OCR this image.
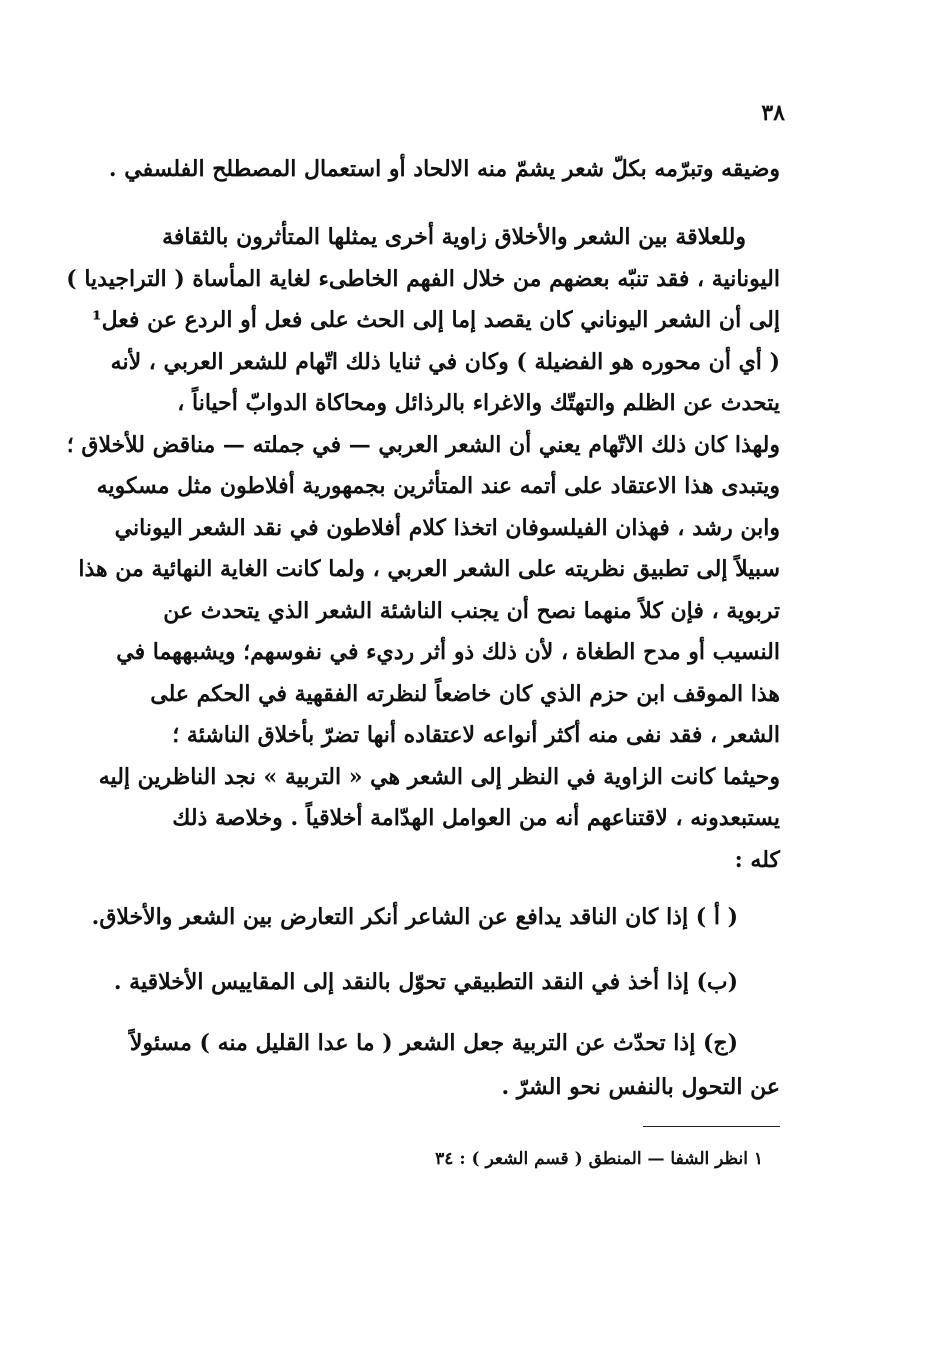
٣٨
وضيقه وتبرّمه بكلّ شعر يشمّ منه الالحاد أو استعمال المصطلح الفلسفي .
وللعلاقة بين الشعر والأخلاق زاوية أخرى يمثلها المتأثرون بالثقافة
اليونانية ، فقد تنبّه بعضهم من خلال الفهم الخاطىء لغاية المأساة ( التراجيديا )
إلى أن الشعر اليوناني كان يقصد إما إلى الحث على فعل أو الردع عن فعل¹
( أي أن محوره هو الفضيلة ) وكان في ثنايا ذلك اتّهام للشعر العربي ، لأنه
يتحدث عن الظلم والتهتّك والاغراء بالرذائل ومحاكاة الدوابّ أحياناً ،
ولهذا كان ذلك الاتّهام يعني أن الشعر العربي — في جملته — مناقض للأخلاق ؛
ويتبدى هذا الاعتقاد على أتمه عند المتأثرين بجمهورية أفلاطون مثل مسكويه
وابن رشد ، فهذان الفيلسوفان اتخذا كلام أفلاطون في نقد الشعر اليوناني
سبيلاً إلى تطبيق نظريته على الشعر العربي ، ولما كانت الغاية النهائية من هذا
تربوية ، فإن كلاً منهما نصح أن يجنب الناشئة الشعر الذي يتحدث عن
النسيب أو مدح الطغاة ، لأن ذلك ذو أثر رديء في نفوسهم؛ ويشبههما في
هذا الموقف ابن حزم الذي كان خاضعاً لنظرته الفقهية في الحكم على
الشعر ، فقد نفى منه أكثر أنواعه لاعتقاده أنها تضرّ بأخلاق الناشئة ؛
وحيثما كانت الزاوية في النظر إلى الشعر هي « التربية » نجد الناظرين إليه
يستبعدونه ، لاقتناعهم أنه من العوامل الهدّامة أخلاقياً . وخلاصة ذلك
كله :
( أ ) إذا كان الناقد يدافع عن الشاعر أنكر التعارض بين الشعر والأخلاق.
(ب) إذا أخذ في النقد التطبيقي تحوّل بالنقد إلى المقاييس الأخلاقية .
(ج) إذا تحدّث عن التربية جعل الشعر ( ما عدا القليل منه ) مسئولاً
عن التحول بالنفس نحو الشرّ .
١ انظر الشفا — المنطق ( قسم الشعر ) : ٣٤
